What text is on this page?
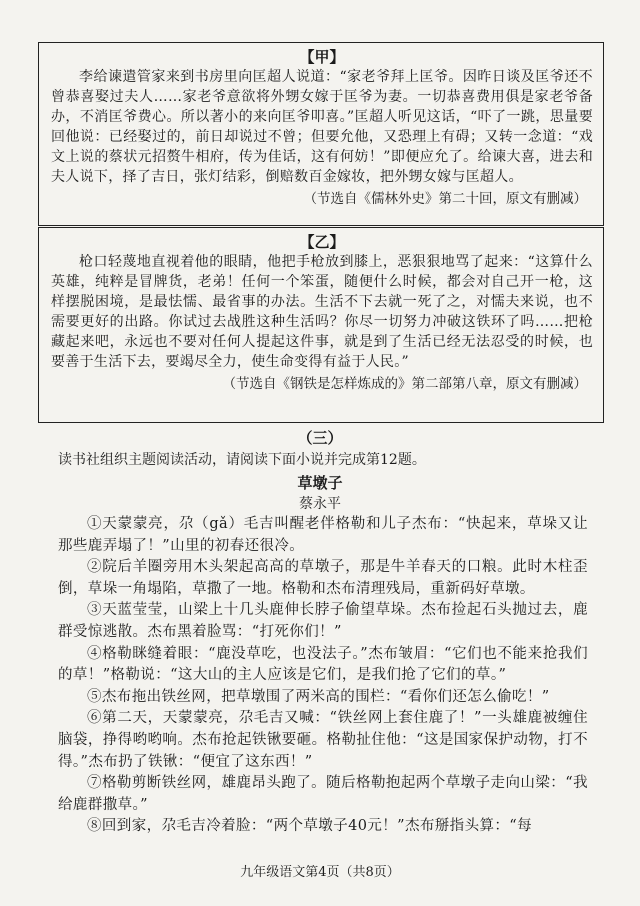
【甲】

李给谏遣管家来到书房里向匡超人说道：“家老爷拜上匡爷。因昨日谈及匡爷还不曾恭喜娶过夫人……家老爷意欲将外甥女嫁于匡爷为妻。一切恭喜费用俱是家老爷备办，不消匡爷费心。所以著小的来向匡爷叩喜。”匡超人听见这话，“吓了一跳，思量要回他说：已经娶过的，前日却说过不曾；但要允他，又恐理上有碍；又转一念道：“戏文上说的蔡状元招赘牛相府，传为佳话，这有何妨！”即便应允了。给谏大喜，进去和夫人说下，择了吉日，张灯结彩，倒赔数百金嫁妆，把外甥女嫁与匡超人。

（节选自《儒林外史》第二十回，原文有删减）

【乙】

枪口轻蔑地直视着他的眼睛，他把手枪放到膝上，恶狠狠地骂了起来：“这算什么英雄，纯粹是冒牌货，老弟！任何一个笨蛋，随便什么时候，都会对自己开一枪，这样摆脱困境，是最怯懦、最省事的办法。生活不下去就一死了之，对懦夫来说，也不需要更好的出路。你试过去战胜这种生活吗？你尽一切努力冲破这铁环了吗……把枪藏起来吧，永远也不要对任何人提起这件事，就是到了生活已经无法忍受的时候，也要善于生活下去，要竭尽全力，使生命变得有益于人民。”

（节选自《钢铁是怎样炼成的》第二部第八章，原文有删减）

（三）

读书社组织主题阅读活动，请阅读下面小说并完成第12题。

草墩子

蔡永平

①天蒙蒙亮，尕（gǎ）毛吉叫醒老伴格勒和儿子杰布：“快起来，草垛又让那些鹿弄塌了！”山里的初春还很冷。

②院后羊圈旁用木头架起高高的草墩子，那是牛羊春天的口粮。此时木柱歪倒，草垛一角塌陷，草撒了一地。格勒和杰布清理残局，重新码好草墩。

③天蓝莹莹，山梁上十几头鹿伸长脖子偷望草垛。杰布捡起石头抛过去，鹿群受惊逃散。杰布黑着脸骂：“打死你们！”

④格勒眯缝着眼：“鹿没草吃，也没法子。”杰布皱眉：“它们也不能来抢我们的草！”格勒说：“这大山的主人应该是它们，是我们抢了它们的草。”

⑤杰布拖出铁丝网，把草墩围了两米高的围栏：“看你们还怎么偷吃！”

⑥第二天，天蒙蒙亮，尕毛吉又喊：“铁丝网上套住鹿了！”一头雄鹿被缠住脑袋，挣得哟哟响。杰布抢起铁锹要砸。格勒扯住他：“这是国家保护动物，打不得。”杰布扔了铁锹：“便宜了这东西！”

⑦格勒剪断铁丝网，雄鹿昂头跑了。随后格勒抱起两个草墩子走向山梁：“我给鹿群撒草。”

⑧回到家，尕毛吉冷着脸：“两个草墩子40元！”杰布掰指头算：“每

九年级语文第4页（共8页）
